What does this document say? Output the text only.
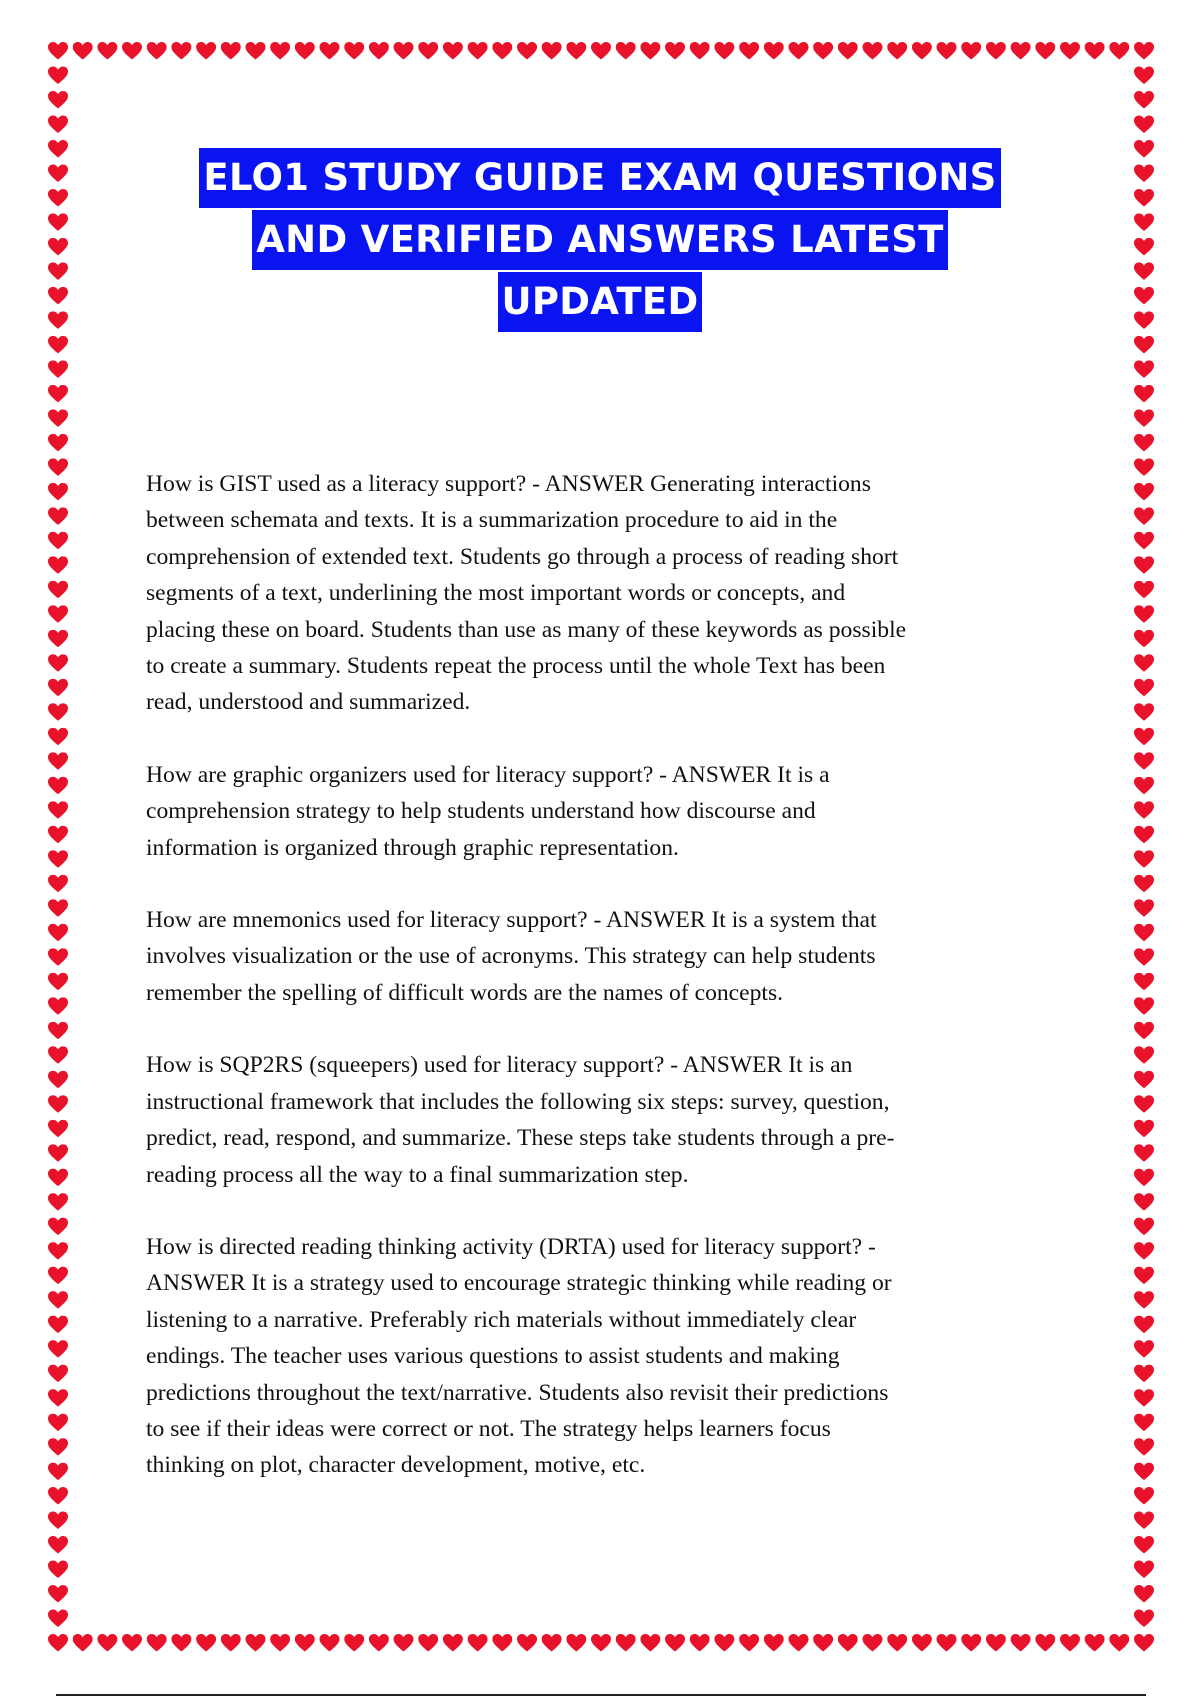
ELO1 STUDY GUIDE EXAM QUESTIONS
AND VERIFIED ANSWERS LATEST
UPDATED
How is GIST used as a literacy support? - ANSWER Generating interactions
between schemata and texts. It is a summarization procedure to aid in the
comprehension of extended text. Students go through a process of reading short
segments of a text, underlining the most important words or concepts, and
placing these on board. Students than use as many of these keywords as possible
to create a summary. Students repeat the process until the whole Text has been
read, understood and summarized.
How are graphic organizers used for literacy support? - ANSWER It is a
comprehension strategy to help students understand how discourse and
information is organized through graphic representation.
How are mnemonics used for literacy support? - ANSWER It is a system that
involves visualization or the use of acronyms. This strategy can help students
remember the spelling of difficult words are the names of concepts.
How is SQP2RS (squeepers) used for literacy support? - ANSWER It is an
instructional framework that includes the following six steps: survey, question,
predict, read, respond, and summarize. These steps take students through a pre-
reading process all the way to a final summarization step.
How is directed reading thinking activity (DRTA) used for literacy support? -
ANSWER It is a strategy used to encourage strategic thinking while reading or
listening to a narrative. Preferably rich materials without immediately clear
endings. The teacher uses various questions to assist students and making
predictions throughout the text/narrative. Students also revisit their predictions
to see if their ideas were correct or not. The strategy helps learners focus
thinking on plot, character development, motive, etc.
